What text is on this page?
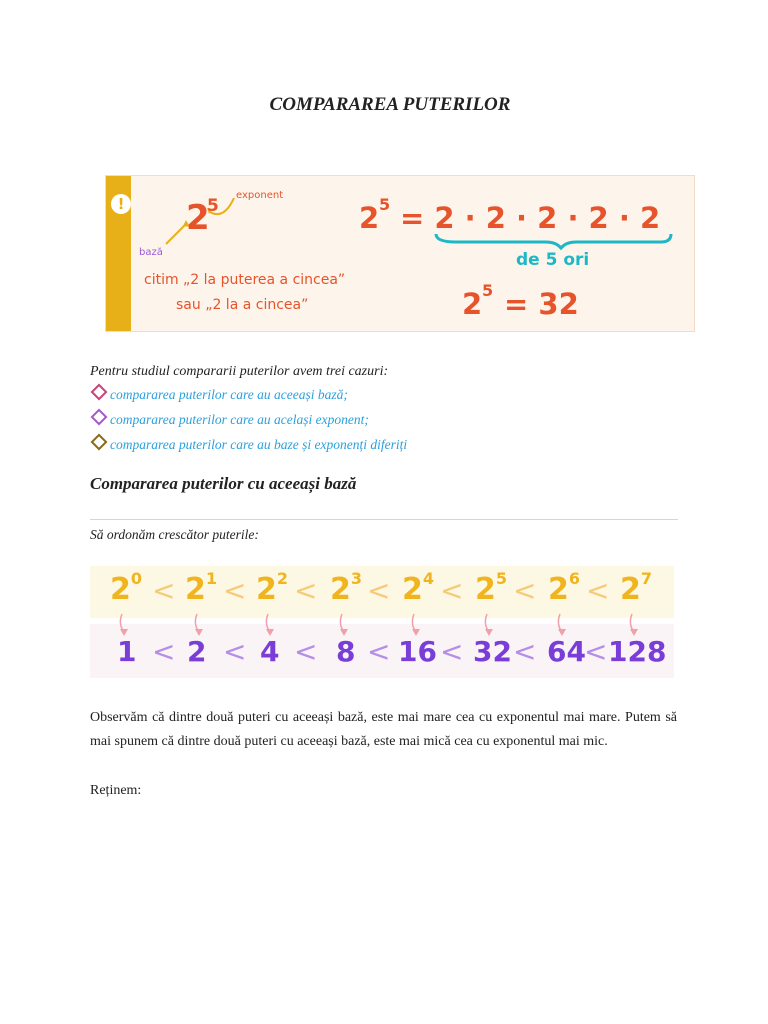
COMPARAREA PUTERILOR
!	exponent
bază
2
5
citim „2 la puterea a cincea”
sau „2 la a cincea”
2 5 = 2 · 2 · 2 · 2 · 2
de 5 ori
2 5 = 32
Pentru studiul compararii puterilor avem trei cazuri:
compararea puterilor care au aceeași bază;
compararea puterilor care au același exponent;
compararea puterilor care au baze și exponenți diferiți
Compararea puterilor cu aceeași bază
Să ordonăm crescător puterile:
$2^0$
1
<
<
$2^1$
2
<
<
$2^2$
4
<
<
$2^3$
8
<
<
$2^4$
16
<
<
$2^5$
32
<
<
$2^6$
64
<
<
$2^7$
128
Observăm că dintre două puteri cu aceeași bază, este mai mare cea cu exponentul mai mare. Putem să mai spunem că dintre două puteri cu aceeași bază, este mai mică cea cu exponentul mai mic.
Reținem:
